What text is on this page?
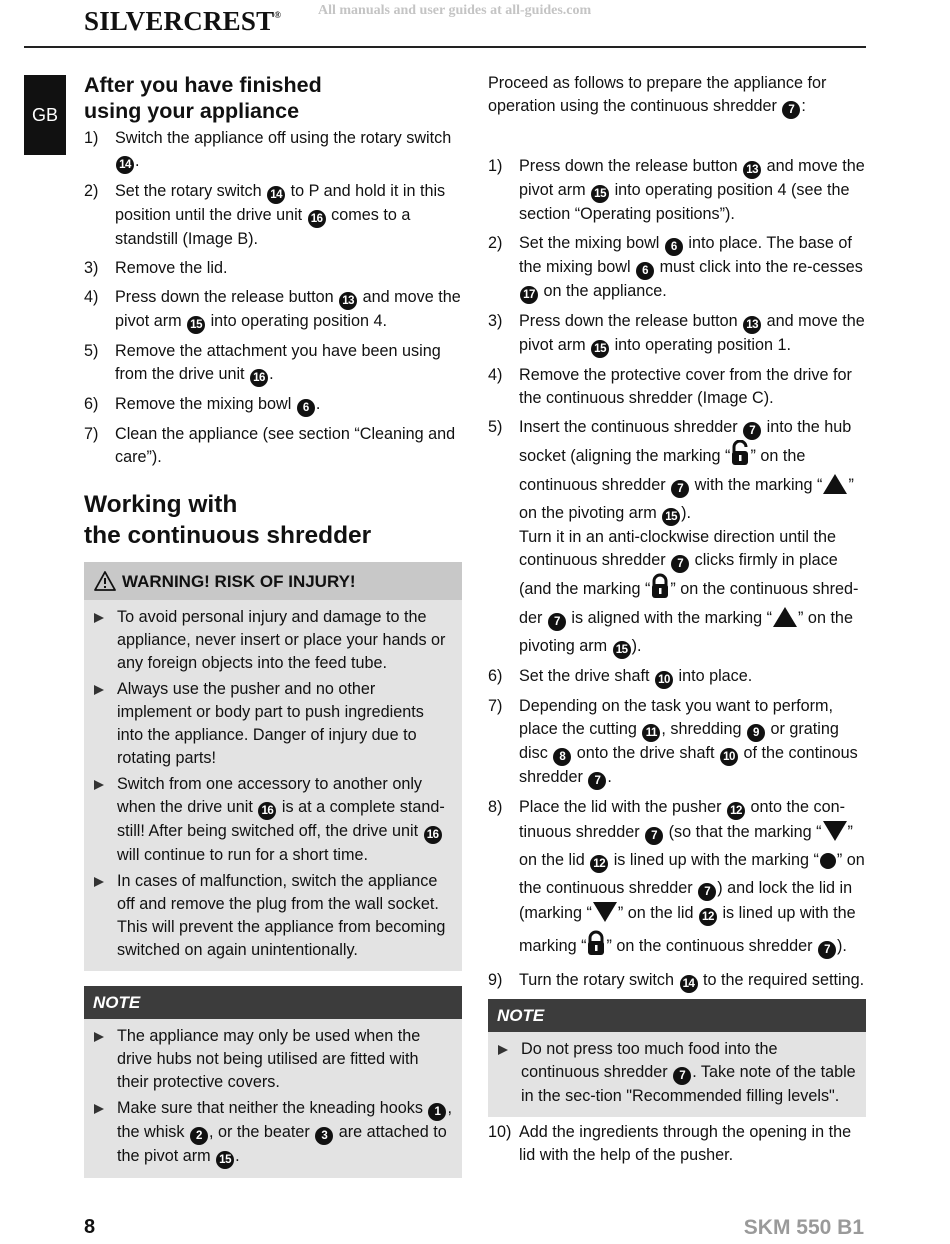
SILVERCREST®	All manuals and user guides at all-guides.com
GB
After you have finished
using your appliance
1) Switch the appliance off using the rotary switch 14 .
2) Set the rotary switch 14 to P and hold it in this position until the drive unit 16 comes to a standstill (Image B).
3) Remove the lid.
4) Press down the release button 13 and move the pivot arm 15 into operating position 4.
5) Remove the attachment you have been using from the drive unit 16 .
6) Remove the mixing bowl 6 .
7) Clean the appliance (see section “Cleaning and care”).
Working with
the continuous shredder
WARNING! RISK OF INJURY!
To avoid personal injury and damage to the appliance, never insert or place your hands or any foreign objects into the feed tube.
Always use the pusher and no other implement or body part to push ingredients into the appliance. Danger of injury due to rotating parts!
Switch from one accessory to another only when the drive unit 16 is at a complete stand-still! After being switched off, the drive unit 16 will continue to run for a short time.
In cases of malfunction, switch the appliance off and remove the plug from the wall socket. This will prevent the appliance from becoming switched on again unintentionally.
NOTE
The appliance may only be used when the drive hubs not being utilised are fitted with their protective covers.
Make sure that neither the kneading hooks 1 , the whisk 2 , or the beater 3 are attached to the pivot arm 15 .

Proceed as follows to prepare the appliance for operation using the continuous shredder 7 :

1) Press down the release button 13 and move the pivot arm 15 into operating position 4 (see the section “Operating positions”).
2) Set the mixing bowl 6 into place. The base of the mixing bowl 6 must click into the re-cesses 17 on the appliance.
3) Press down the release button 13 and move the pivot arm 15 into operating position 1.
4) Remove the protective cover from the drive for the continuous shredder (Image C).
5) Insert the continuous shredder 7 into the hub socket (aligning the marking “ ” on the continuous shredder 7 with the marking “ ” on the pivoting arm 15 ).
Turn it in an anti-clockwise direction until the continuous shredder 7 clicks firmly in place (and the marking “ ” on the continuous shred-der 7 is aligned with the marking “ ” on the pivoting arm 15 ).
6) Set the drive shaft 10 into place.
7) Depending on the task you want to perform, place the cutting 11 , shredding 9 or grating disc 8 onto the drive shaft 10 of the continous shredder 7 .
8) Place the lid with the pusher 12 onto the con-tinuous shredder 7 (so that the marking “ ” on the lid 12 is lined up with the marking “ ” on the continuous shredder 7 ) and lock the lid in (marking “ ” on the lid 12 is lined up with the marking “ ” on the continuous shredder 7 ).
9) Turn the rotary switch 14 to the required setting.
NOTE
Do not press too much food into the continuous shredder 7 . Take note of the table in the sec-tion "Recommended filling levels".
10) Add the ingredients through the opening in the lid with the help of the pusher.
8	SKM 550 B1
